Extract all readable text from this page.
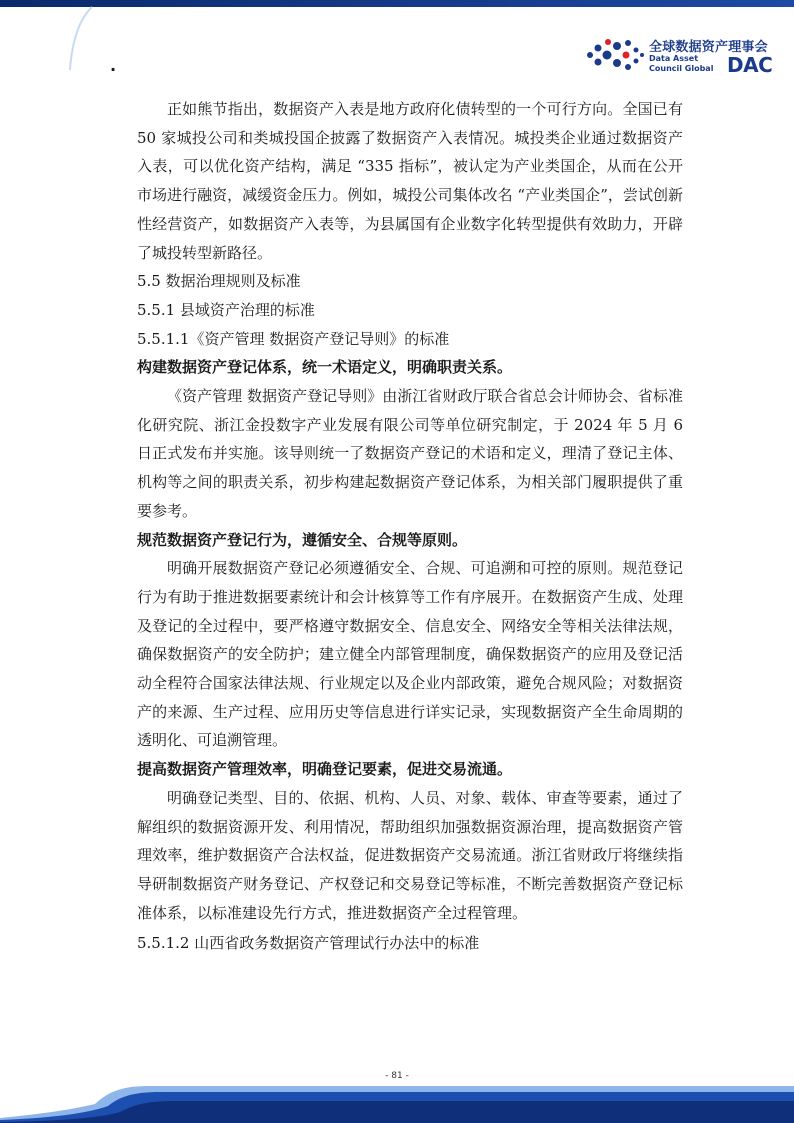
.
全球数据资产理事会
Data Asset
Council Global DAC

正如熊节指出，数据资产入表是地方政府化债转型的一个可行方向。全国已有 50 家城投公司和类城投国企披露了数据资产入表情况。城投类企业通过数据资产入表，可以优化资产结构，满足 “335 指标”，被认定为产业类国企，从而在公开市场进行融资，减缓资金压力。例如，城投公司集体改名 “产业类国企”，尝试创新性经营资产，如数据资产入表等，为县属国有企业数字化转型提供有效助力，开辟了城投转型新路径。

5.5 数据治理规则及标准
5.5.1 县域资产治理的标准
5.5.1.1《资产管理 数据资产登记导则》的标准

构建数据资产登记体系，统一术语定义，明确职责关系。

《资产管理 数据资产登记导则》由浙江省财政厅联合省总会计师协会、省标准化研究院、浙江金投数字产业发展有限公司等单位研究制定，于 2024 年 5 月 6 日正式发布并实施。该导则统一了数据资产登记的术语和定义，理清了登记主体、机构等之间的职责关系，初步构建起数据资产登记体系，为相关部门履职提供了重要参考。

规范数据资产登记行为，遵循安全、合规等原则。

明确开展数据资产登记必须遵循安全、合规、可追溯和可控的原则。规范登记行为有助于推进数据要素统计和会计核算等工作有序展开。在数据资产生成、处理及登记的全过程中，要严格遵守数据安全、信息安全、网络安全等相关法律法规，确保数据资产的安全防护；建立健全内部管理制度，确保数据资产的应用及登记活动全程符合国家法律法规、行业规定以及企业内部政策，避免合规风险；对数据资产的来源、生产过程、应用历史等信息进行详实记录，实现数据资产全生命周期的透明化、可追溯管理。

提高数据资产管理效率，明确登记要素，促进交易流通。

明确登记类型、目的、依据、机构、人员、对象、载体、审查等要素，通过了解组织的数据资源开发、利用情况，帮助组织加强数据资源治理，提高数据资产管理效率，维护数据资产合法权益，促进数据资产交易流通。浙江省财政厅将继续指导研制数据资产财务登记、产权登记和交易登记等标准，不断完善数据资产登记标准体系，以标准建设先行方式，推进数据资产全过程管理。

5.5.1.2 山西省政务数据资产管理试行办法中的标准
- 81 -
